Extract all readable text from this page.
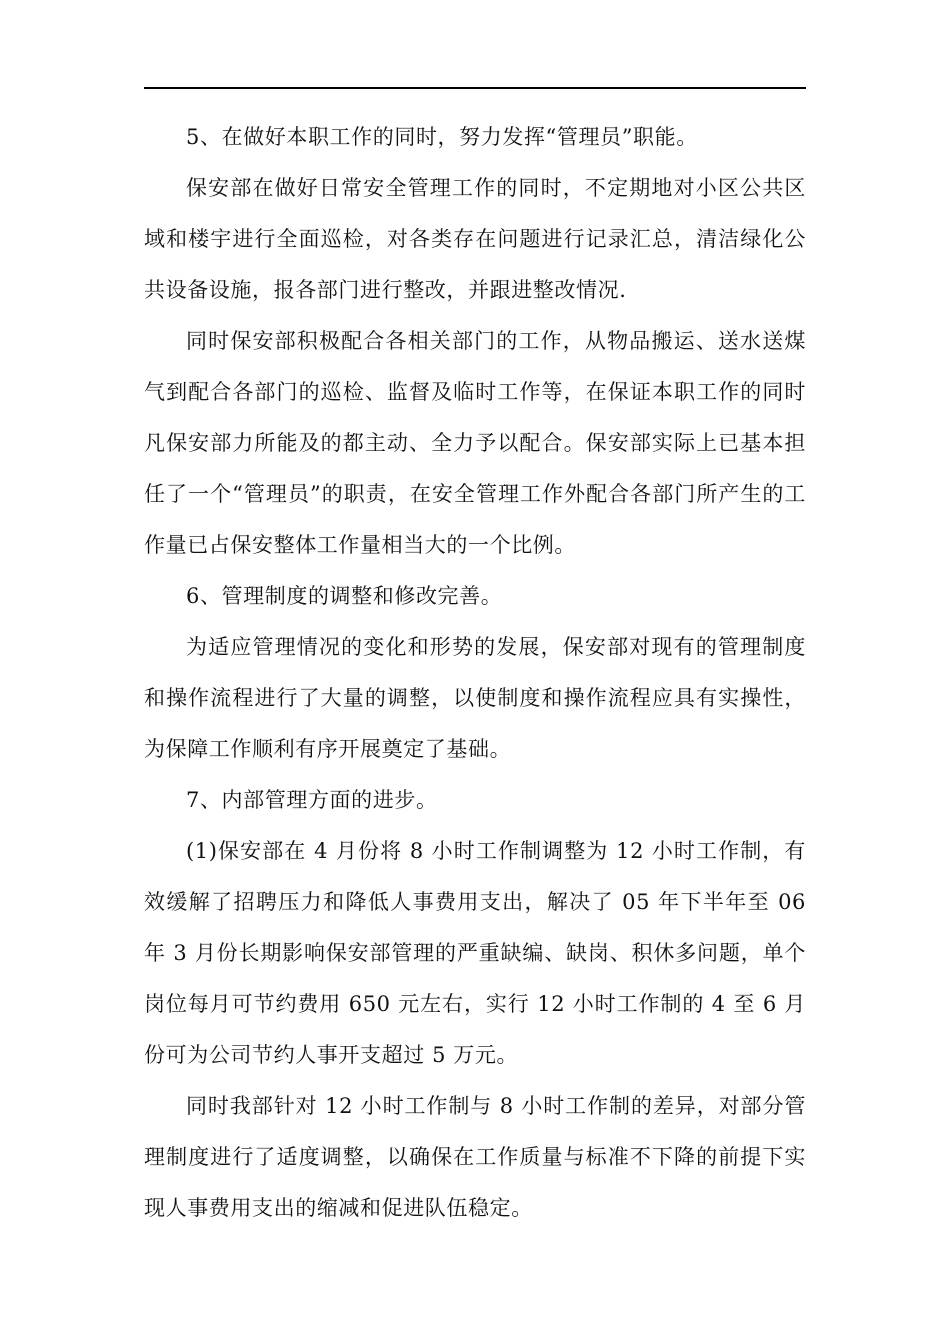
5、在做好本职工作的同时，努力发挥“管理员”职能。

保安部在做好日常安全管理工作的同时，不定期地对小区公共区域和楼宇进行全面巡检，对各类存在问题进行记录汇总，清洁绿化公共设备设施，报各部门进行整改，并跟进整改情况.

同时保安部积极配合各相关部门的工作，从物品搬运、送水送煤气到配合各部门的巡检、监督及临时工作等，在保证本职工作的同时凡保安部力所能及的都主动、全力予以配合。保安部实际上已基本担任了一个“管理员”的职责，在安全管理工作外配合各部门所产生的工作量已占保安整体工作量相当大的一个比例。

6、管理制度的调整和修改完善。

为适应管理情况的变化和形势的发展，保安部对现有的管理制度和操作流程进行了大量的调整，以使制度和操作流程应具有实操性，为保障工作顺利有序开展奠定了基础。

7、内部管理方面的进步。

(1)保安部在 4 月份将 8 小时工作制调整为 12 小时工作制，有效缓解了招聘压力和降低人事费用支出，解决了 05 年下半年至 06 年 3 月份长期影响保安部管理的严重缺编、缺岗、积休多问题，单个岗位每月可节约费用 650 元左右，实行 12 小时工作制的 4 至 6 月份可为公司节约人事开支超过 5 万元。

同时我部针对 12 小时工作制与 8 小时工作制的差异，对部分管理制度进行了适度调整，以确保在工作质量与标准不下降的前提下实现人事费用支出的缩减和促进队伍稳定。
